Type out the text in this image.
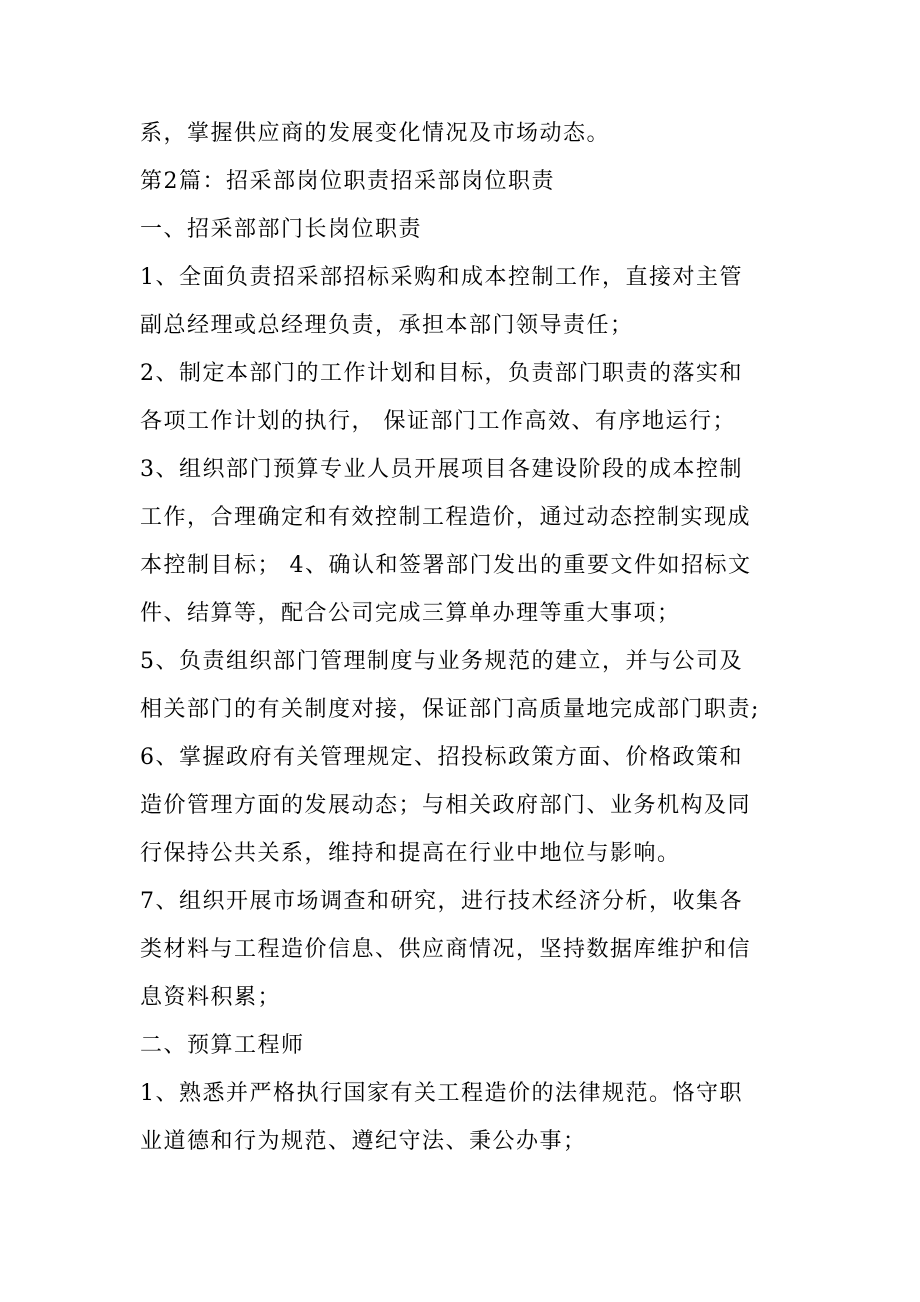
系，掌握供应商的发展变化情况及市场动态。
第2篇：招采部岗位职责招采部岗位职责
一、招采部部门长岗位职责
1、全面负责招采部招标采购和成本控制工作，直接对主管
副总经理或总经理负责，承担本部门领导责任；
2、制定本部门的工作计划和目标，负责部门职责的落实和
各项工作计划的执行， 保证部门工作高效、有序地运行；
3、组织部门预算专业人员开展项目各建设阶段的成本控制
工作，合理确定和有效控制工程造价，通过动态控制实现成
本控制目标； 4、确认和签署部门发出的重要文件如招标文
件、结算等，配合公司完成三算单办理等重大事项；
5、负责组织部门管理制度与业务规范的建立，并与公司及
相关部门的有关制度对接，保证部门高质量地完成部门职责;
6、掌握政府有关管理规定、招投标政策方面、价格政策和
造价管理方面的发展动态；与相关政府部门、业务机构及同
行保持公共关系，维持和提高在行业中地位与影响。
7、组织开展市场调查和研究，进行技术经济分析，收集各
类材料与工程造价信息、供应商情况，坚持数据库维护和信
息资料积累；
二、预算工程师
1、熟悉并严格执行国家有关工程造价的法律规范。恪守职
业道德和行为规范、遵纪守法、秉公办事；
